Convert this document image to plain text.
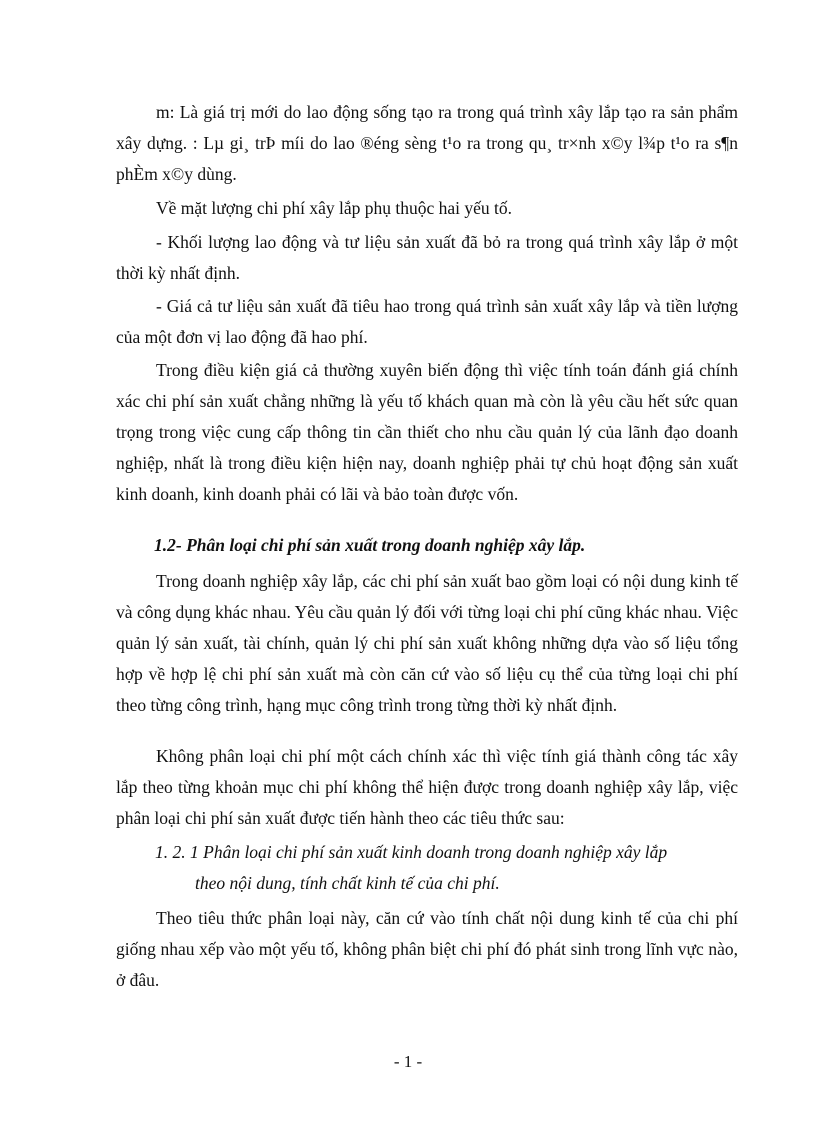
m: Là giá trị mới do lao động sống tạo ra trong quá trình xây lắp tạo ra sản phẩm xây dựng. : Lµ gi¸ trÞ míi do lao ®éng sèng t¹o ra trong qu¸ tr×nh x©y l¾p t¹o ra s¶n phÈm x©y dùng.

Về mặt lượng chi phí xây lắp phụ thuộc hai yếu tố.

- Khối lượng lao động và tư liệu sản xuất đã bỏ ra trong quá trình xây lắp ở một thời kỳ nhất định.

- Giá cả tư liệu sản xuất đã tiêu hao trong quá trình sản xuất xây lắp và tiền lượng của một đơn vị lao động đã hao phí.

Trong điều kiện giá cả thường xuyên biến động thì việc tính toán đánh giá chính xác chi phí sản xuất chẳng những là yếu tố khách quan mà còn là yêu cầu hết sức quan trọng trong việc cung cấp thông tin cần thiết cho nhu cầu quản lý của lãnh đạo doanh nghiệp, nhất là trong điều kiện hiện nay, doanh nghiệp phải tự chủ hoạt động sản xuất kinh doanh, kinh doanh phải có lãi và bảo toàn được vốn.

1.2- Phân loại chi phí sản xuất trong doanh nghiệp xây lắp.

Trong doanh nghiệp xây lắp, các chi phí sản xuất bao gồm loại có nội dung kinh tế và công dụng khác nhau. Yêu cầu quản lý đối với từng loại chi phí cũng khác nhau. Việc quản lý sản xuất, tài chính, quản lý chi phí sản xuất không những dựa vào số liệu tổng hợp về hợp lệ chi phí sản xuất mà còn căn cứ vào số liệu cụ thể của từng loại chi phí theo từng công trình, hạng mục công trình trong từng thời kỳ nhất định.

Không phân loại chi phí một cách chính xác thì việc tính giá thành công tác xây lắp theo từng khoản mục chi phí không thể hiện được trong doanh nghiệp xây lắp, việc phân loại chi phí sản xuất được tiến hành theo các tiêu thức sau:

1. 2. 1 Phân loại chi phí sản xuất kinh doanh trong doanh nghiệp xây lắp
theo nội dung, tính chất kinh tế của chi phí.

Theo tiêu thức phân loại này, căn cứ vào tính chất nội dung kinh tế của chi phí giống nhau xếp vào một yếu tố, không phân biệt chi phí đó phát sinh trong lĩnh vực nào, ở đâu.

- 1 -
